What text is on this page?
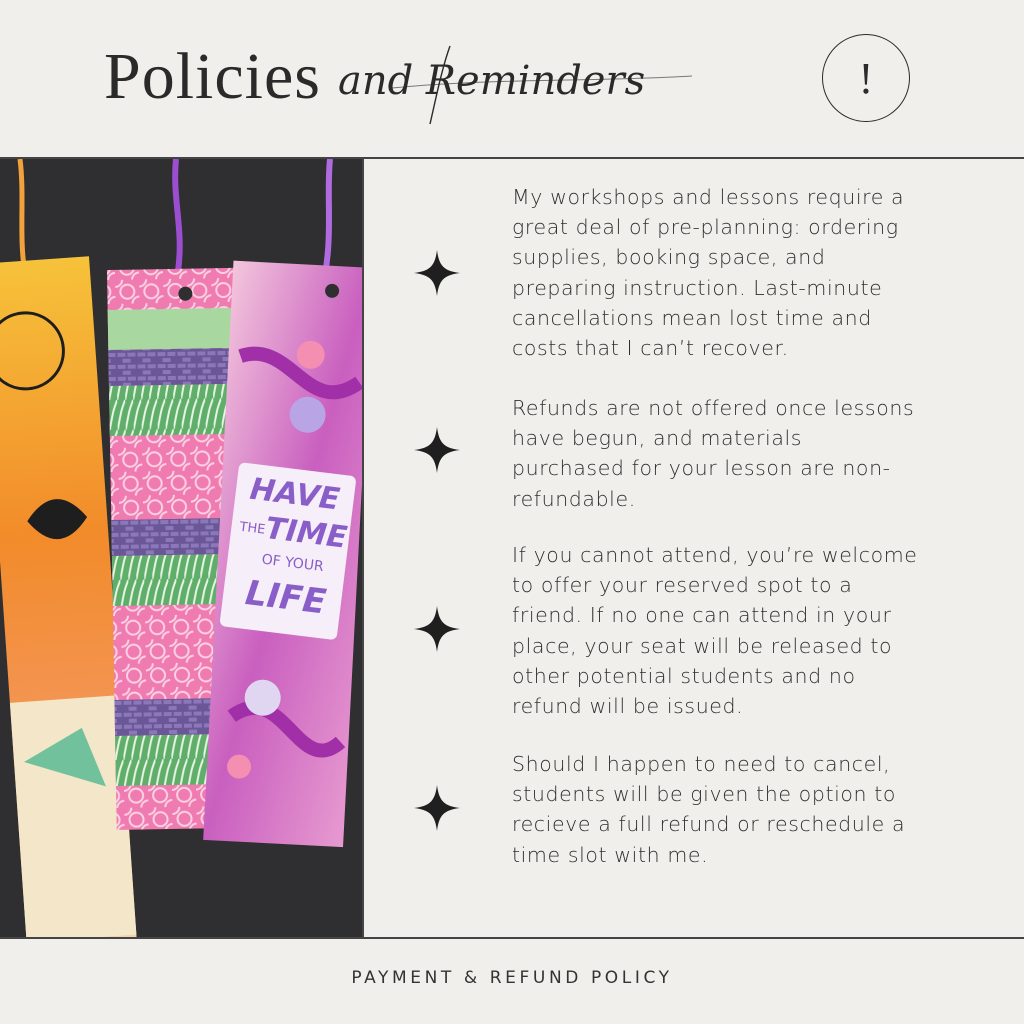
Policies and Reminders	!
HAVE
THE
TIME
OF YOUR
LIFE
My workshops and lessons require a
great deal of pre-planning: ordering
supplies, booking space, and
preparing instruction. Last-minute
cancellations mean lost time and
costs that I can’t recover.
Refunds are not offered once lessons
have begun, and materials
purchased for your lesson are non-
refundable.
If you cannot attend, you’re welcome
to offer your reserved spot to a
friend. If no one can attend in your
place, your seat will be released to
other potential students and no
refund will be issued.
Should I happen to need to cancel,
students will be given the option to
recieve a full refund or reschedule a
time slot with me.
PAYMENT & REFUND POLICY
